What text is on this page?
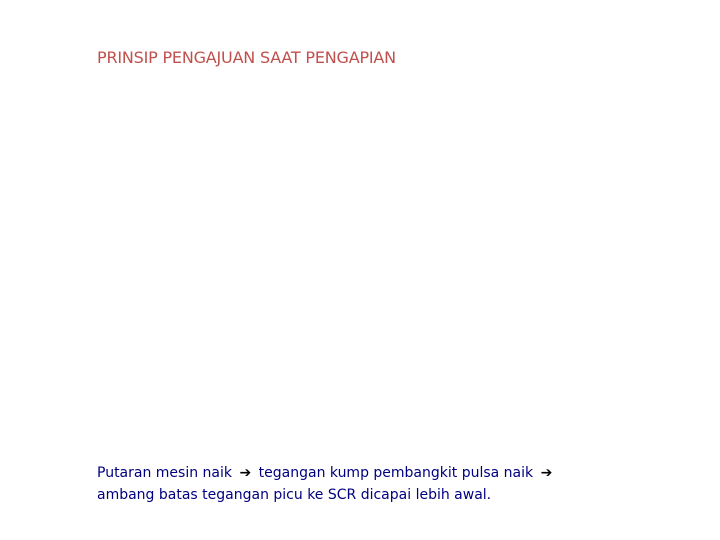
PRINSIP PENGAJUAN SAAT PENGAPIAN
Putaran mesin naik ➔ tegangan kump pembangkit pulsa naik ➔
ambang batas tegangan picu ke SCR dicapai lebih awal.
